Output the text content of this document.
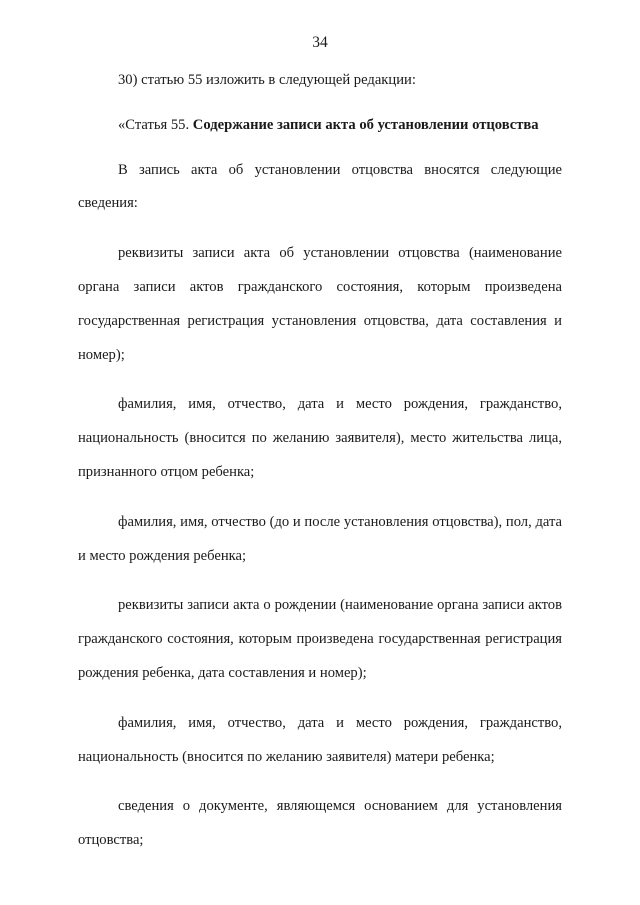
34

30) статью 55 изложить в следующей редакции:

«Статья 55. Содержание записи акта об установлении отцовства

В запись акта об установлении отцовства вносятся следующие сведения:

реквизиты записи акта об установлении отцовства (наименование органа записи актов гражданского состояния, которым произведена государственная регистрация установления отцовства, дата составления и номер);

фамилия, имя, отчество, дата и место рождения, гражданство, национальность (вносится по желанию заявителя), место жительства лица, признанного отцом ребенка;

фамилия, имя, отчество (до и после установления отцовства), пол, дата и место рождения ребенка;

реквизиты записи акта о рождении (наименование органа записи актов гражданского состояния, которым произведена государственная регистрация рождения ребенка, дата составления и номер);

фамилия, имя, отчество, дата и место рождения, гражданство, национальность (вносится по желанию заявителя) матери ребенка;

сведения о документе, являющемся основанием для установления отцовства;
